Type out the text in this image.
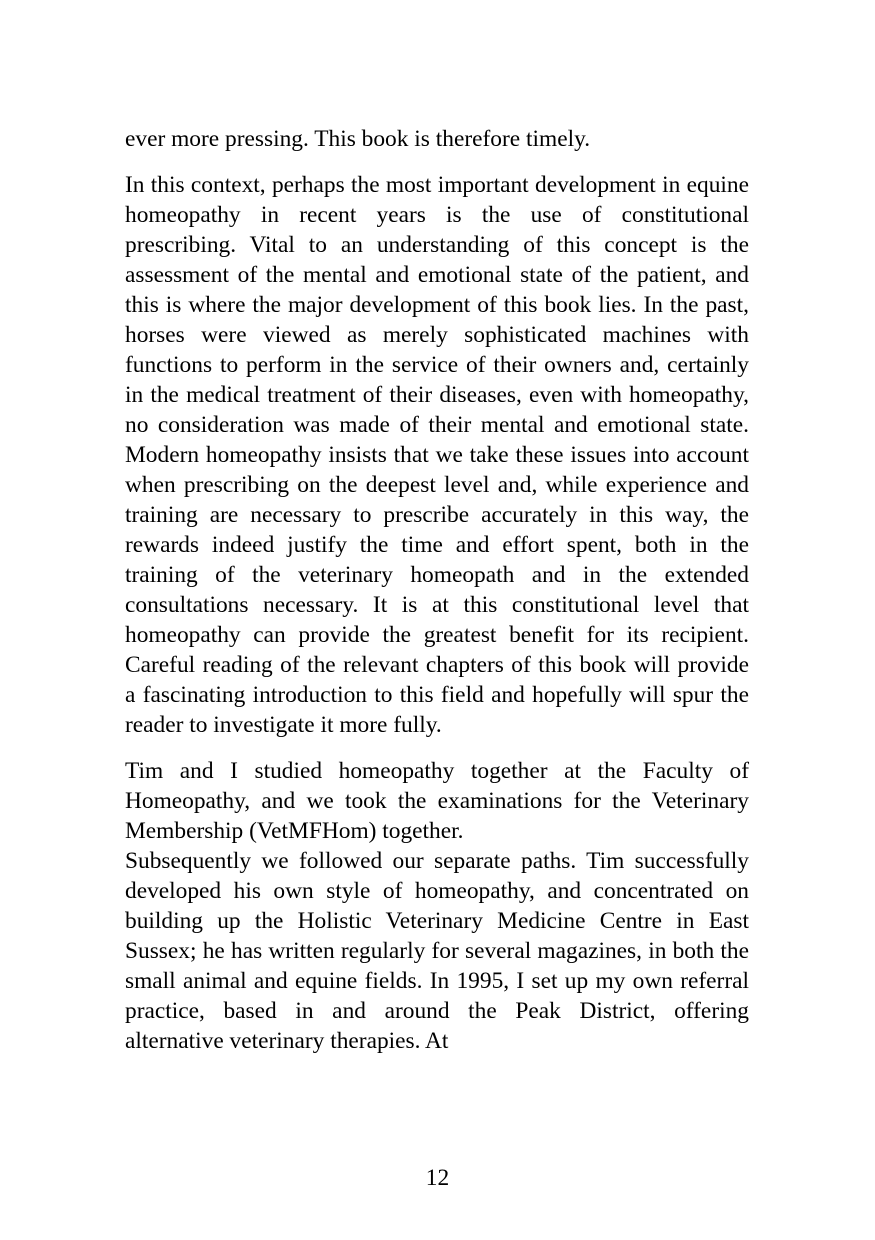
ever more pressing. This book is therefore timely.

In this context, perhaps the most important development in equine homeopathy in recent years is the use of constitutional prescribing. Vital to an understanding of this concept is the assessment of the mental and emotional state of the patient, and this is where the major development of this book lies. In the past, horses were viewed as merely sophisticated machines with functions to perform in the service of their owners and, certainly in the medical treatment of their diseases, even with homeopathy, no consideration was made of their mental and emotional state. Modern homeopathy insists that we take these issues into account when prescribing on the deepest level and, while experience and training are necessary to prescribe accurately in this way, the rewards indeed justify the time and effort spent, both in the training of the veterinary homeopath and in the extended consultations necessary. It is at this constitutional level that homeopathy can provide the greatest benefit for its recipient. Careful reading of the relevant chapters of this book will provide a fascinating introduction to this field and hopefully will spur the reader to investigate it more fully.

Tim and I studied homeopathy together at the Faculty of Homeopathy, and we took the examinations for the Veterinary Membership (VetMFHom) together.

Subsequently we followed our separate paths. Tim successfully developed his own style of homeopathy, and concentrated on building up the Holistic Veterinary Medicine Centre in East Sussex; he has written regularly for several magazines, in both the small animal and equine fields. In 1995, I set up my own referral practice, based in and around the Peak District, offering alternative veterinary therapies. At

12
